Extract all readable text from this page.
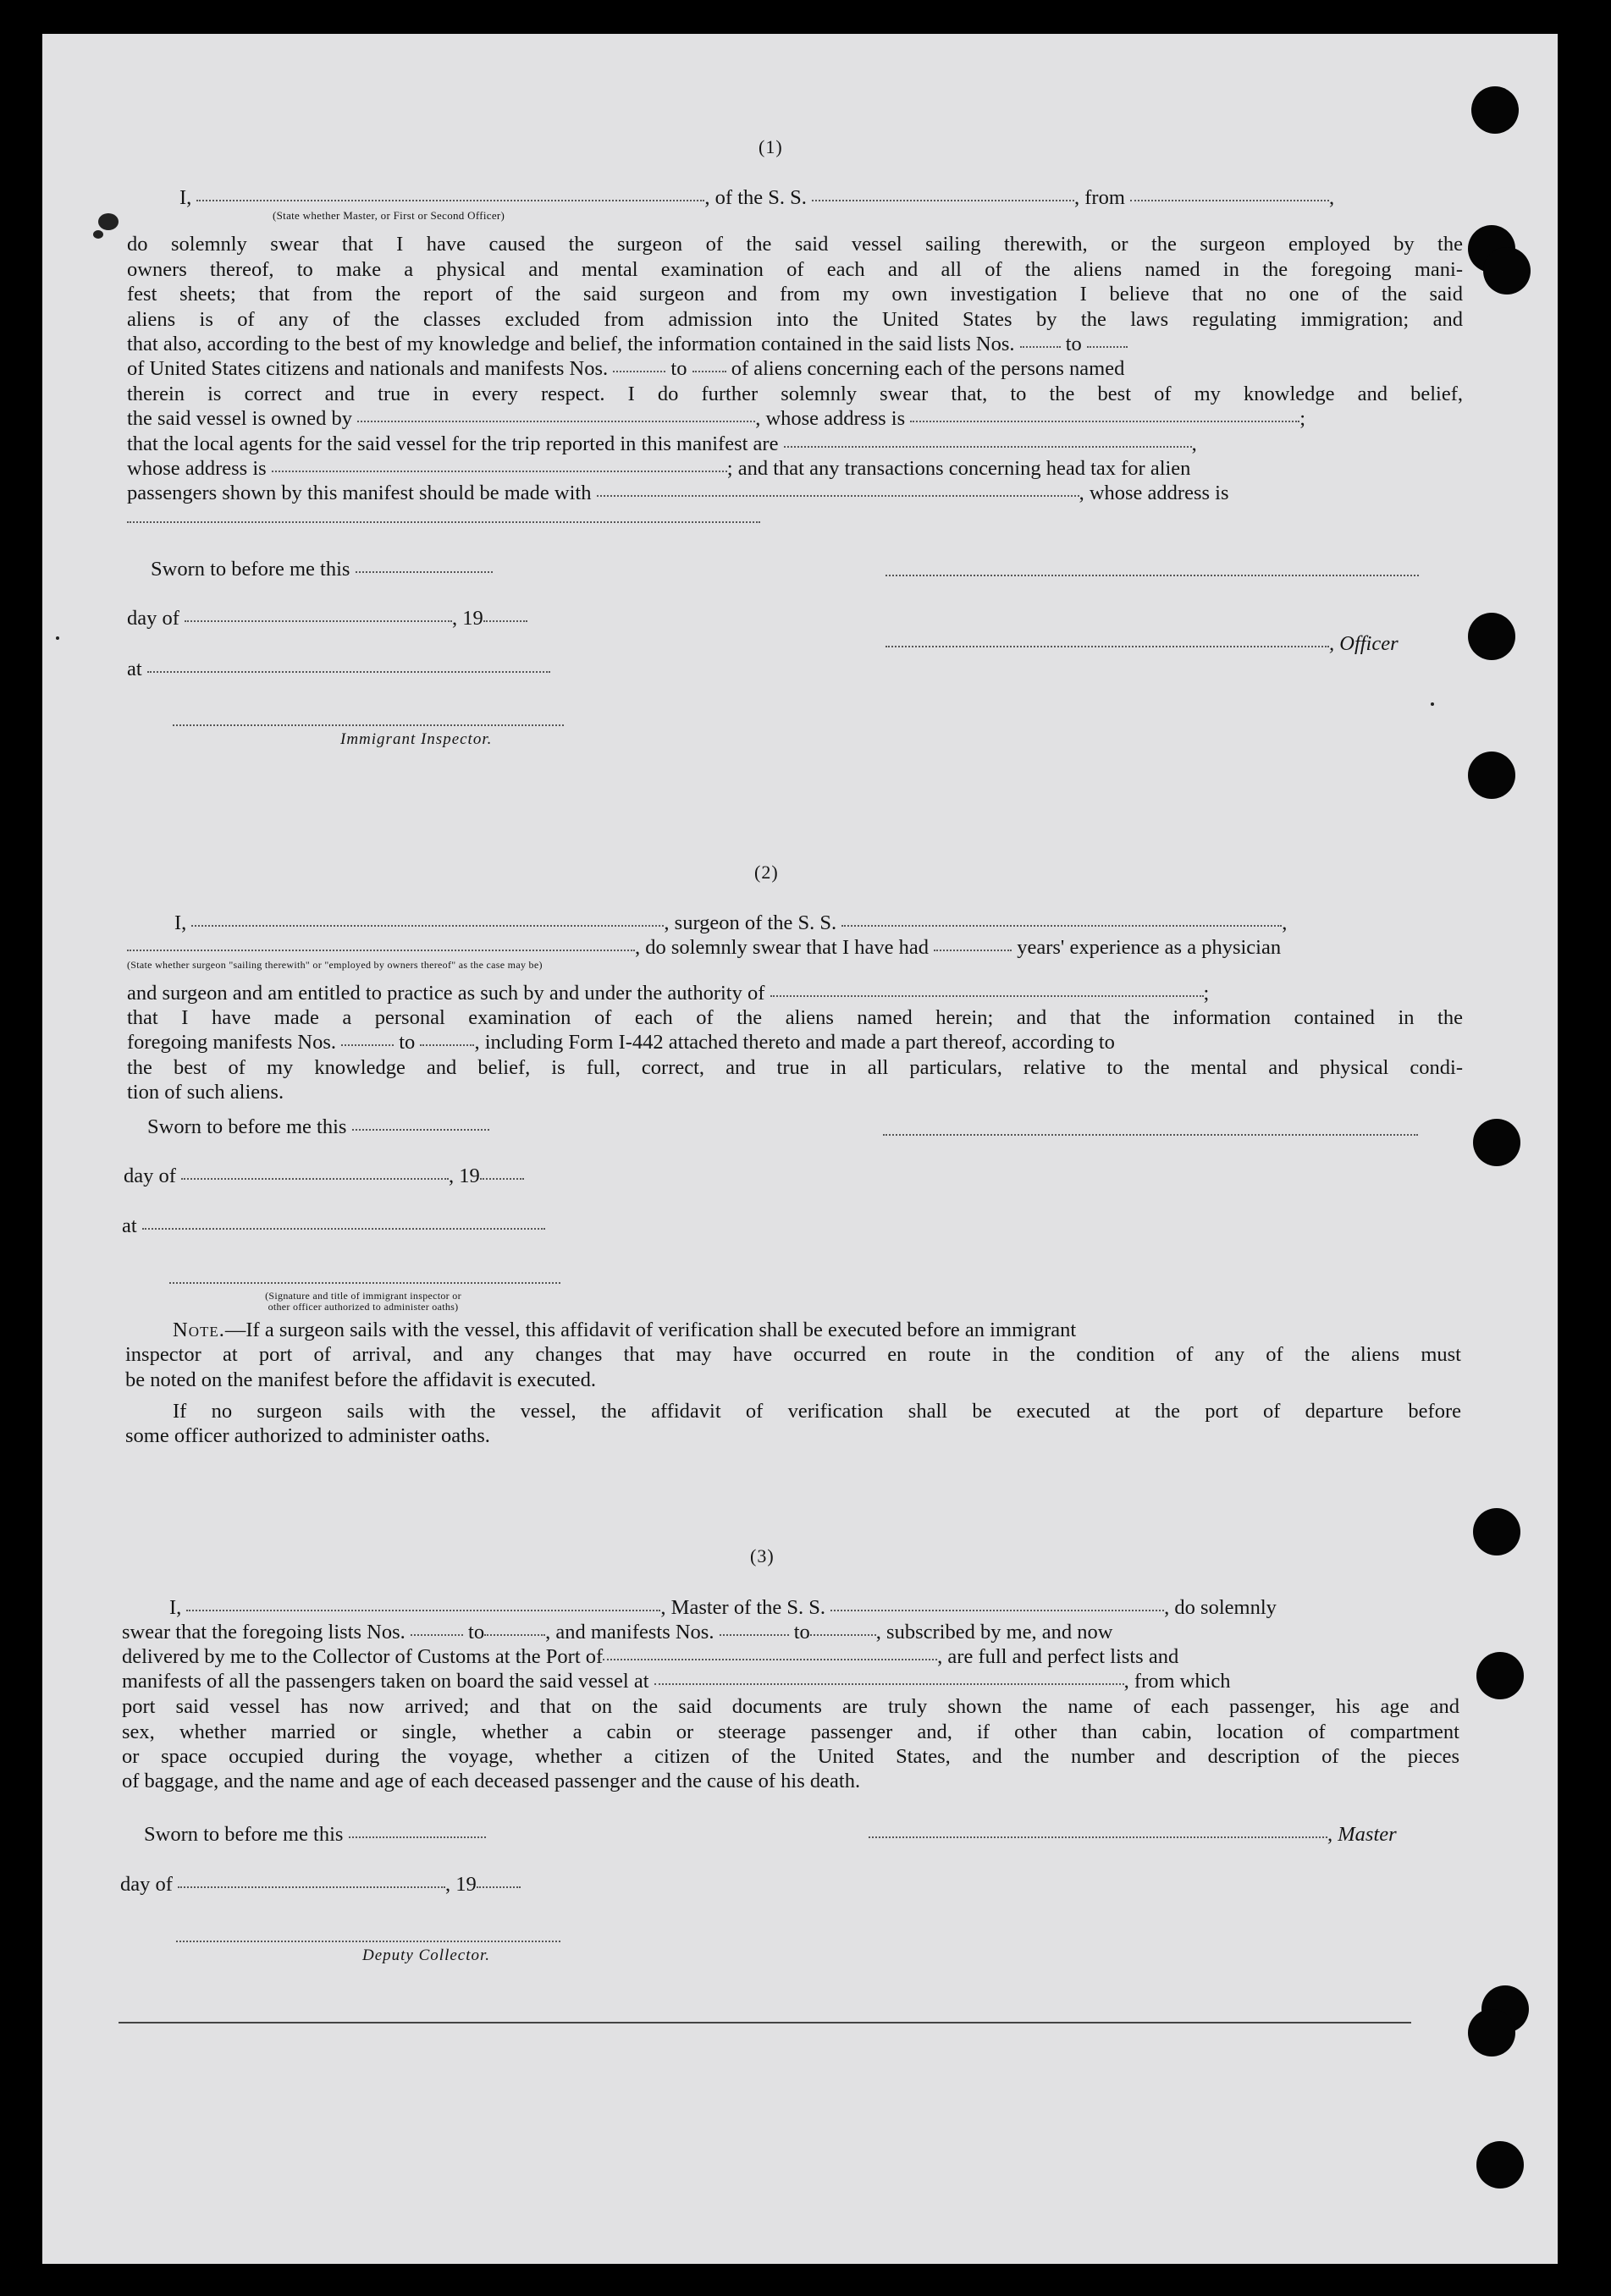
(1)
I,	, of the S. S.	, from	,
(State whether Master, or First or Second Officer)
do solemnly swear that I have caused the surgeon of the said vessel sailing therewith, or the surgeon employed by the
owners thereof, to make a physical and mental examination of each and all of the aliens named in the foregoing mani-
fest sheets; that from the report of the said surgeon and from my own investigation I believe that no one of the said
aliens is of any of the classes excluded from admission into the United States by the laws regulating immigration; and
that also, according to the best of my knowledge and belief, the information contained in the said lists Nos. to
of United States citizens and nationals and manifests Nos.	to of aliens concerning each of the persons named
therein is correct and true in every respect. I do further solemnly swear that, to the best of my knowledge and belief,
the said vessel is owned by	, whose address is	;
that the local agents for the said vessel for the trip reported in this manifest are	,
whose address is	; and that any transactions concerning head tax for alien
passengers shown by this manifest should be made with	, whose address is
Sworn to before me this
day of	, 19
, Officer
at
Immigrant Inspector.
(2)
I,	, surgeon of the S. S.	,
, do solemnly swear that I have had	years' experience as a physician
(State whether surgeon "sailing therewith" or "employed by owners thereof" as the case may be)
and surgeon and am entitled to practice as such by and under the authority of	;
that I have made a personal examination of each of the aliens named herein; and that the information contained in the
foregoing manifests Nos.	to	, including Form I-442 attached thereto and made a part thereof, according to
the best of my knowledge and belief, is full, correct, and true in all particulars, relative to the mental and physical condi-
tion of such aliens.
Sworn to before me this
day of	, 19
at
(Signature and title of immigrant inspector or
other officer authorized to administer oaths)
Note.—If a surgeon sails with the vessel, this affidavit of verification shall be executed before an immigrant
inspector at port of arrival, and any changes that may have occurred en route in the condition of any of the aliens must
be noted on the manifest before the affidavit is executed.
If no surgeon sails with the vessel, the affidavit of verification shall be executed at the port of departure before
some officer authorized to administer oaths.
(3)
I,	, Master of the S. S.	, do solemnly
swear that the foregoing lists Nos.	to	, and manifests Nos.	to	, subscribed by me, and now
delivered by me to the Collector of Customs at the Port of	, are full and perfect lists and
manifests of all the passengers taken on board the said vessel at	, from which
port said vessel has now arrived; and that on the said documents are truly shown the name of each passenger, his age and
sex, whether married or single, whether a cabin or steerage passenger and, if other than cabin, location of compartment
or space occupied during the voyage, whether a citizen of the United States, and the number and description of the pieces
of baggage, and the name and age of each deceased passenger and the cause of his death.
Sworn to before me this	, Master
day of	, 19
Deputy Collector.
